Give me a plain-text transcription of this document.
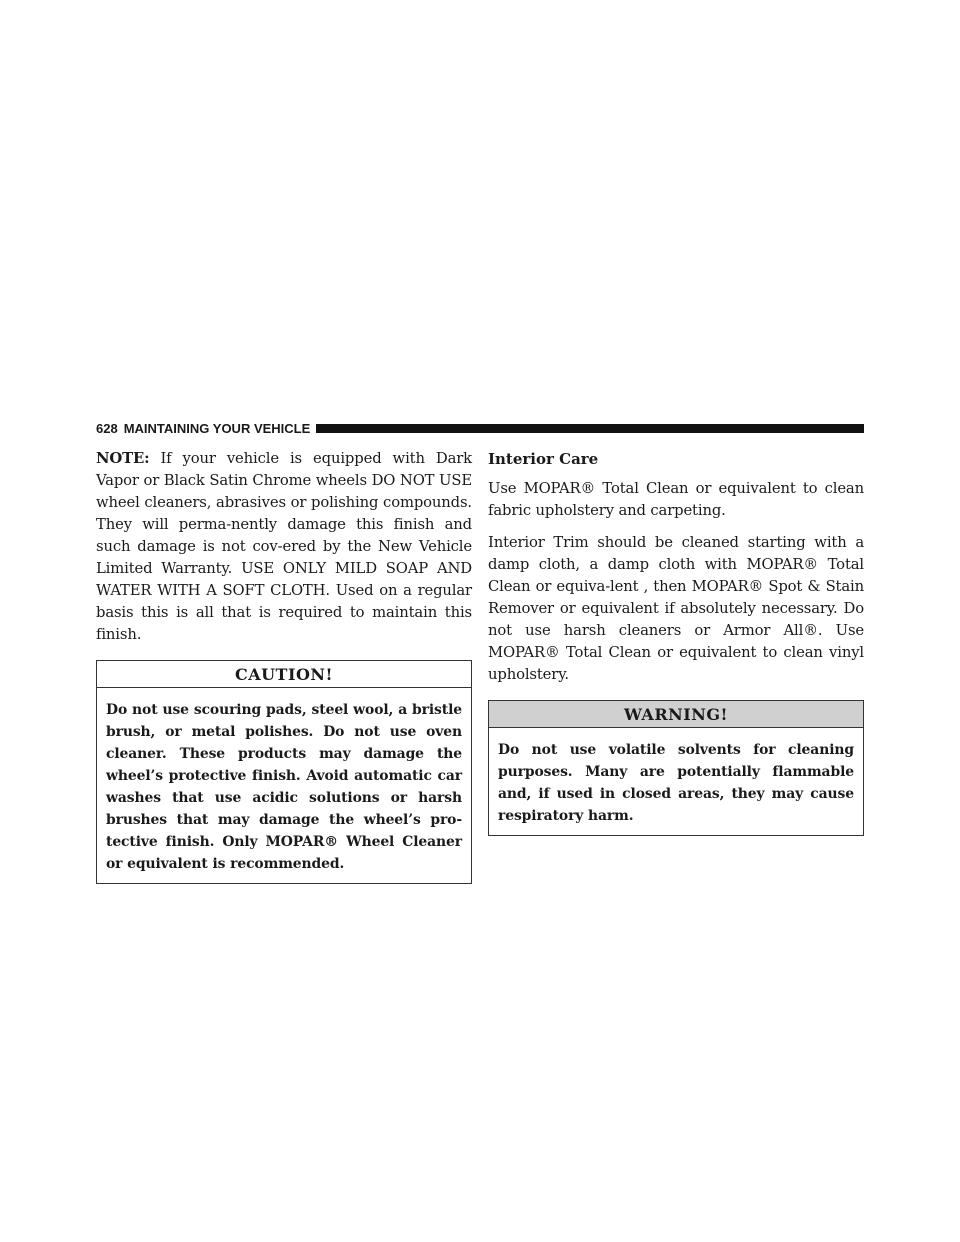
628 MAINTAINING YOUR VEHICLE

NOTE: If your vehicle is equipped with Dark Vapor or Black Satin Chrome wheels DO NOT USE wheel cleaners, abrasives or polishing compounds. They will perma-nently damage this finish and such damage is not cov-ered by the New Vehicle Limited Warranty. USE ONLY MILD SOAP AND WATER WITH A SOFT CLOTH. Used on a regular basis this is all that is required to maintain this finish.

CAUTION!
Do not use scouring pads, steel wool, a bristle brush, or metal polishes. Do not use oven cleaner. These products may damage the wheel’s protective finish. Avoid automatic car washes that use acidic solutions or harsh brushes that may damage the wheel’s pro-tective finish. Only MOPAR® Wheel Cleaner or equivalent is recommended.
Interior Care

Use MOPAR® Total Clean or equivalent to clean fabric upholstery and carpeting.

Interior Trim should be cleaned starting with a damp cloth, a damp cloth with MOPAR® Total Clean or equiva-lent , then MOPAR® Spot & Stain Remover or equivalent if absolutely necessary. Do not use harsh cleaners or Armor All®. Use MOPAR® Total Clean or equivalent to clean vinyl upholstery.

WARNING!
Do not use volatile solvents for cleaning purposes. Many are potentially flammable and, if used in closed areas, they may cause respiratory harm.
